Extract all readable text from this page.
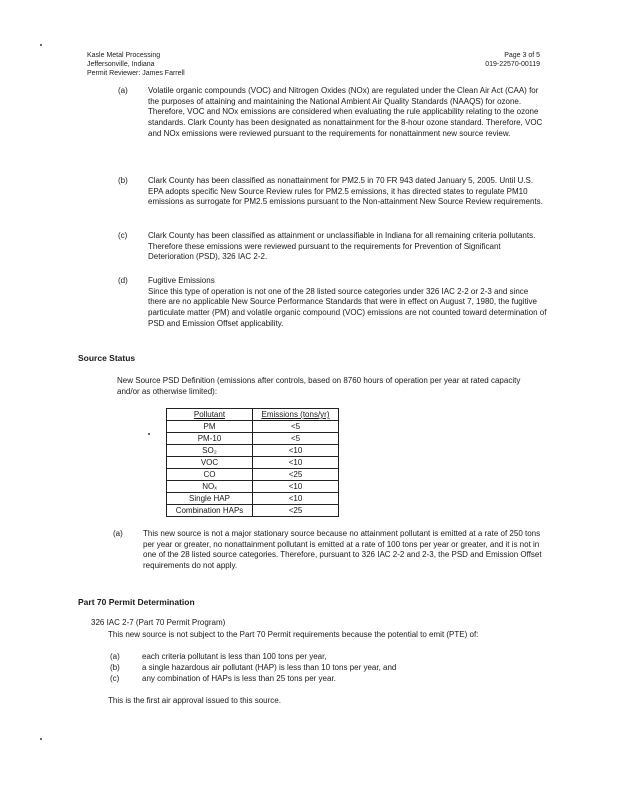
Kasle Metal Processing
Jeffersonville, Indiana
Permit Reviewer: James Farrell
Page 3 of 5
019-22570-00119
(a)	Volatile organic compounds (VOC) and Nitrogen Oxides (NOx) are regulated under the Clean Air Act (CAA) for the purposes of attaining and maintaining the National Ambient Air Quality Standards (NAAQS) for ozone. Therefore, VOC and NOx emissions are considered when evaluating the rule applicability relating to the ozone standards. Clark County has been designated as nonattainment for the 8-hour ozone standard. Therefore, VOC and NOx emissions were reviewed pursuant to the requirements for nonattainment new source review.
(b)	Clark County has been classified as nonattainment for PM2.5 in 70 FR 943 dated January 5, 2005. Until U.S. EPA adopts specific New Source Review rules for PM2.5 emissions, it has directed states to regulate PM10 emissions as surrogate for PM2.5 emissions pursuant to the Non-attainment New Source Review requirements.
(c)	Clark County has been classified as attainment or unclassifiable in Indiana for all remaining criteria pollutants. Therefore these emissions were reviewed pursuant to the requirements for Prevention of Significant Deterioration (PSD), 326 IAC 2-2.
(d)	Fugitive Emissions
Since this type of operation is not one of the 28 listed source categories under 326 IAC 2-2 or 2-3 and since there are no applicable New Source Performance Standards that were in effect on August 7, 1980, the fugitive particulate matter (PM) and volatile organic compound (VOC) emissions are not counted toward determination of PSD and Emission Offset applicability.
Source Status
New Source PSD Definition (emissions after controls, based on 8760 hours of operation per year at rated capacity and/or as otherwise limited):
Pollutant	Emissions (tons/yr)
PM	<5
PM-10	<5
SO₂	<10
VOC	<10
CO	<25
NOₓ	<10
Single HAP	<10
Combination HAPs	<25
(a)	This new source is not a major stationary source because no attainment pollutant is emitted at a rate of 250 tons per year or greater, no nonattainment pollutant is emitted at a rate of 100 tons per year or greater, and it is not in one of the 28 listed source categories. Therefore, pursuant to 326 IAC 2-2 and 2-3, the PSD and Emission Offset requirements do not apply.
Part 70 Permit Determination
326 IAC 2-7 (Part 70 Permit Program)
This new source is not subject to the Part 70 Permit requirements because the potential to emit (PTE) of:
(a)	each criteria pollutant is less than 100 tons per year,
(b)	a single hazardous air pollutant (HAP) is less than 10 tons per year, and
(c)	any combination of HAPs is less than 25 tons per year.
This is the first air approval issued to this source.
